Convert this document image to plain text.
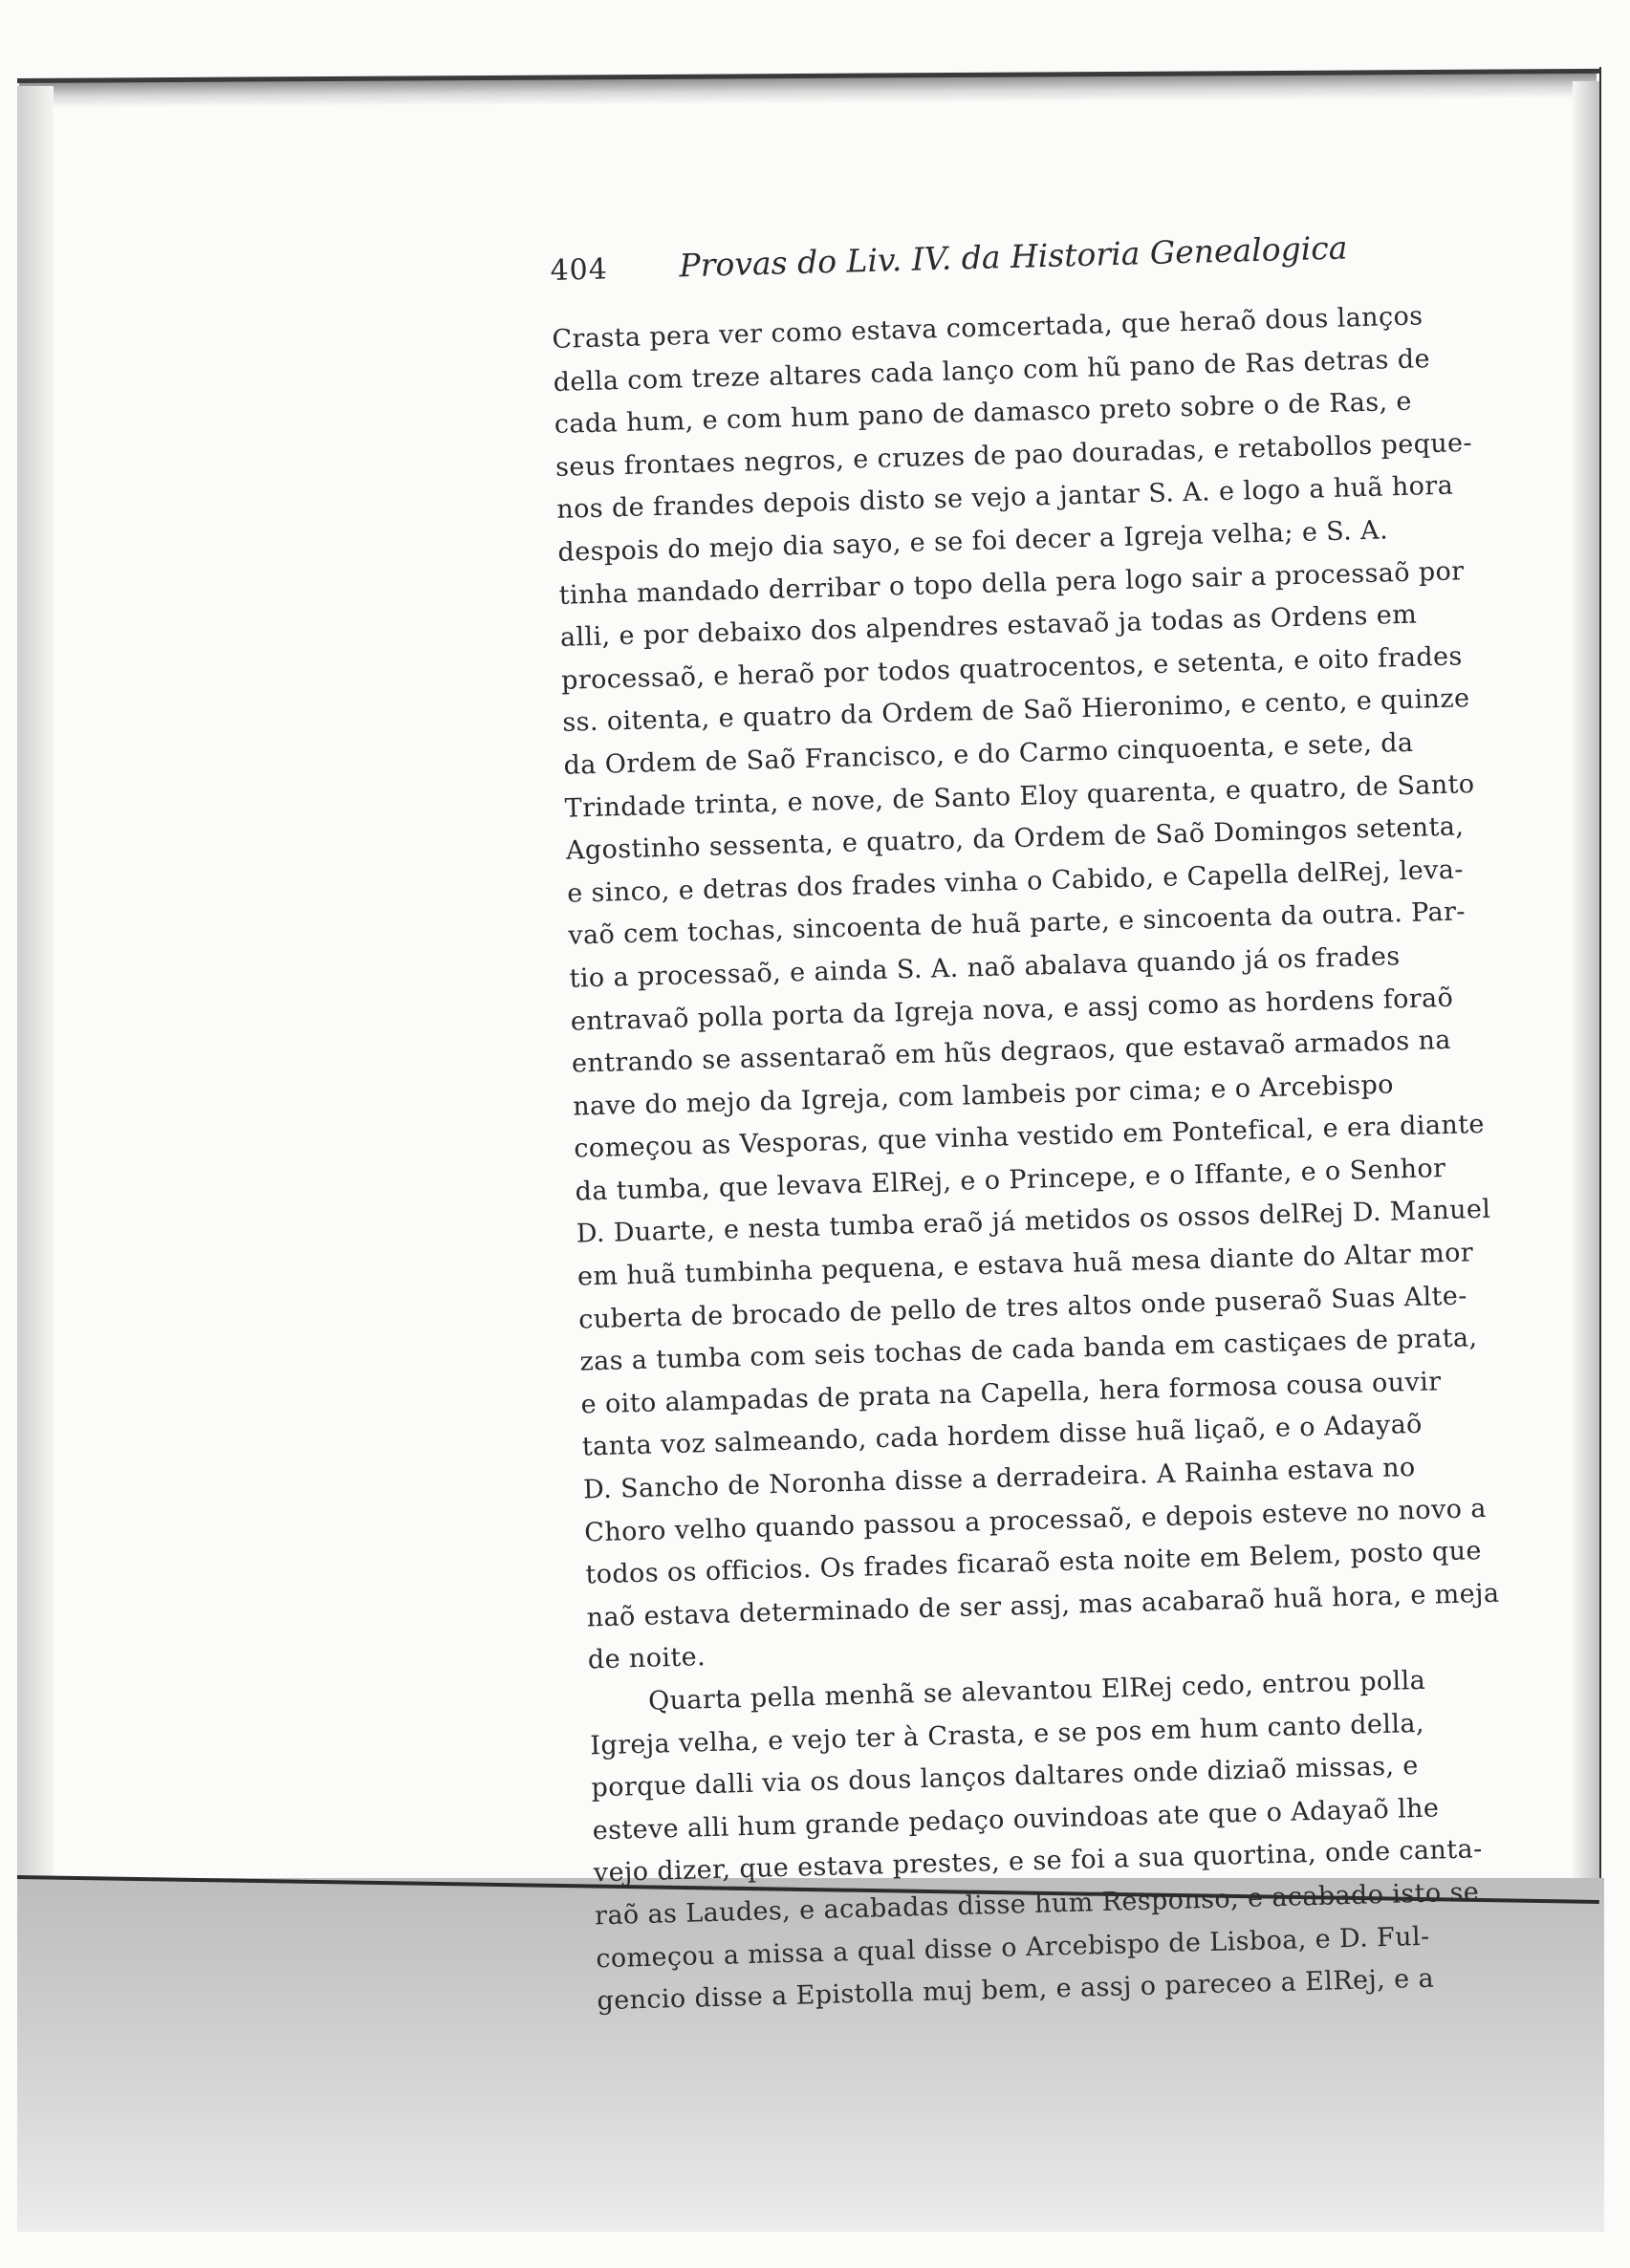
404 Provas do Liv. IV. da Historia Genealogica
Crasta pera ver como estava comcertada, que heraõ dous lanços
della com treze altares cada lanço com hũ pano de Ras detras de
cada hum, e com hum pano de damasco preto sobre o de Ras, e
seus frontaes negros, e cruzes de pao douradas, e retabollos peque-
nos de frandes depois disto se vejo a jantar S. A. e logo a huã hora
despois do mejo dia sayo, e se foi decer a Igreja velha; e S. A.
tinha mandado derribar o topo della pera logo sair a processaõ por
alli, e por debaixo dos alpendres estavaõ ja todas as Ordens em
processaõ, e heraõ por todos quatrocentos, e setenta, e oito frades
ss. oitenta, e quatro da Ordem de Saõ Hieronimo, e cento, e quinze
da Ordem de Saõ Francisco, e do Carmo cinquoenta, e sete, da
Trindade trinta, e nove, de Santo Eloy quarenta, e quatro, de Santo
Agostinho sessenta, e quatro, da Ordem de Saõ Domingos setenta,
e sinco, e detras dos frades vinha o Cabido, e Capella delRej, leva-
vaõ cem tochas, sincoenta de huã parte, e sincoenta da outra. Par-
tio a processaõ, e ainda S. A. naõ abalava quando já os frades
entravaõ polla porta da Igreja nova, e assj como as hordens foraõ
entrando se assentaraõ em hũs degraos, que estavaõ armados na
nave do mejo da Igreja, com lambeis por cima; e o Arcebispo
começou as Vesporas, que vinha vestido em Pontefical, e era diante
da tumba, que levava ElRej, e o Princepe, e o Iffante, e o Senhor
D. Duarte, e nesta tumba eraõ já metidos os ossos delRej D. Manuel
em huã tumbinha pequena, e estava huã mesa diante do Altar mor
cuberta de brocado de pello de tres altos onde puseraõ Suas Alte-
zas a tumba com seis tochas de cada banda em castiçaes de prata,
e oito alampadas de prata na Capella, hera formosa cousa ouvir
tanta voz salmeando, cada hordem disse huã liçaõ, e o Adayaõ
D. Sancho de Noronha disse a derradeira. A Rainha estava no
Choro velho quando passou a processaõ, e depois esteve no novo a
todos os officios. Os frades ficaraõ esta noite em Belem, posto que
naõ estava determinado de ser assj, mas acabaraõ huã hora, e meja
de noite.
Quarta pella menhã se alevantou ElRej cedo, entrou polla
Igreja velha, e vejo ter à Crasta, e se pos em hum canto della,
porque dalli via os dous lanços daltares onde diziaõ missas, e
esteve alli hum grande pedaço ouvindoas ate que o Adayaõ lhe
vejo dizer, que estava prestes, e se foi a sua quortina, onde canta-
raõ as Laudes, e acabadas disse hum Responso, e acabado isto se
começou a missa a qual disse o Arcebispo de Lisboa, e D. Ful-
gencio disse a Epistolla muj bem, e assj o pareceo a ElRej, e a
